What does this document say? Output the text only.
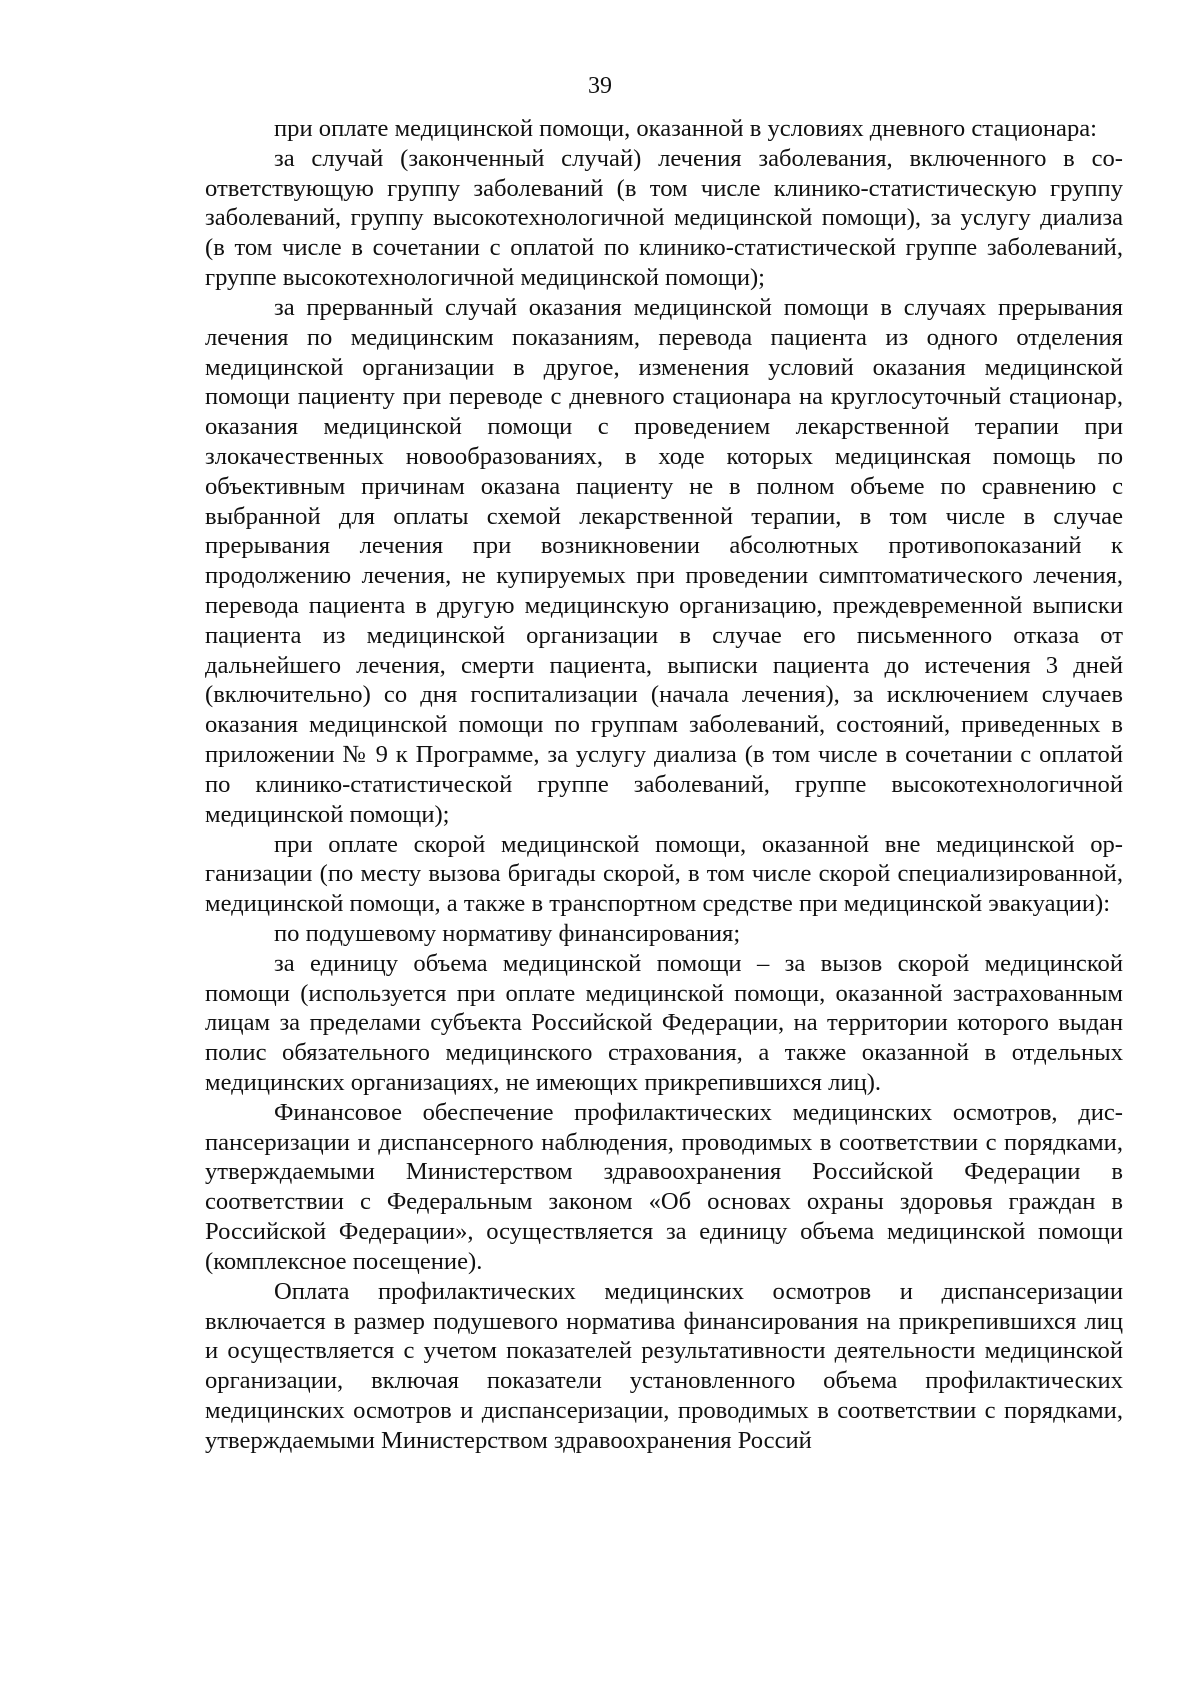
39

при оплате медицинской помощи, оказанной в условиях дневного стационара:

за случай (законченный случай) лечения заболевания, включенного в соответствующую группу заболеваний (в том числе клинико-статистическую группу заболеваний, группу высокотехнологичной медицинской помощи), за услугу диализа (в том числе в сочетании с оплатой по клинико-статистической группе заболеваний, группе высокотехнологичной медицинской помощи);

за прерванный случай оказания медицинской помощи в случаях прерывания лечения по медицинским показаниям, перевода пациента из одного отделения медицинской организации в другое, изменения условий оказания медицинской помощи пациенту при переводе с дневного стационара на круглосуточный стационар, оказания медицинской помощи с проведением лекарственной терапии при злокачественных новообразованиях, в ходе которых медицинская помощь по объективным причинам оказана пациенту не в полном объеме по сравнению с выбранной для оплаты схемой лекарственной терапии, в том числе в случае прерывания лечения при возникновении абсолютных противопоказаний к продолжению лечения, не купируемых при проведении симптоматического лечения, перевода пациента в другую медицинскую организацию, преждевременной выписки пациента из медицинской организации в случае его письменного отказа от дальнейшего лечения, смерти пациента, выписки пациента до истечения 3 дней (включительно) со дня госпитализации (начала лечения), за исключением случаев оказания медицинской помощи по группам заболеваний, состояний, приведенных в приложении № 9 к Программе, за услугу диализа (в том числе в сочетании с оплатой по клинико-статистической группе заболеваний, группе высокотехнологичной медицинской помощи);

при оплате скорой медицинской помощи, оказанной вне медицинской организации (по месту вызова бригады скорой, в том числе скорой специализированной, медицинской помощи, а также в транспортном средстве при медицинской эвакуации):

по подушевому нормативу финансирования;

за единицу объема медицинской помощи – за вызов скорой медицинской помощи (используется при оплате медицинской помощи, оказанной застрахованным лицам за пределами субъекта Российской Федерации, на территории которого выдан полис обязательного медицинского страхования, а также оказанной в отдельных медицинских организациях, не имеющих прикрепившихся лиц).

Финансовое обеспечение профилактических медицинских осмотров, диспансеризации и диспансерного наблюдения, проводимых в соответствии с порядками, утверждаемыми Министерством здравоохранения Российской Федерации в соответствии с Федеральным законом «Об основах охраны здоровья граждан в Российской Федерации», осуществляется за единицу объема медицинской помощи (комплексное посещение).

Оплата профилактических медицинских осмотров и диспансеризации включается в размер подушевого норматива финансирования на прикрепившихся лиц и осуществляется с учетом показателей результативности деятельности медицинской организации, включая показатели установленного объема профилактических медицинских осмотров и диспансеризации, проводимых в соответствии с порядками, утверждаемыми Министерством здравоохранения Россий
